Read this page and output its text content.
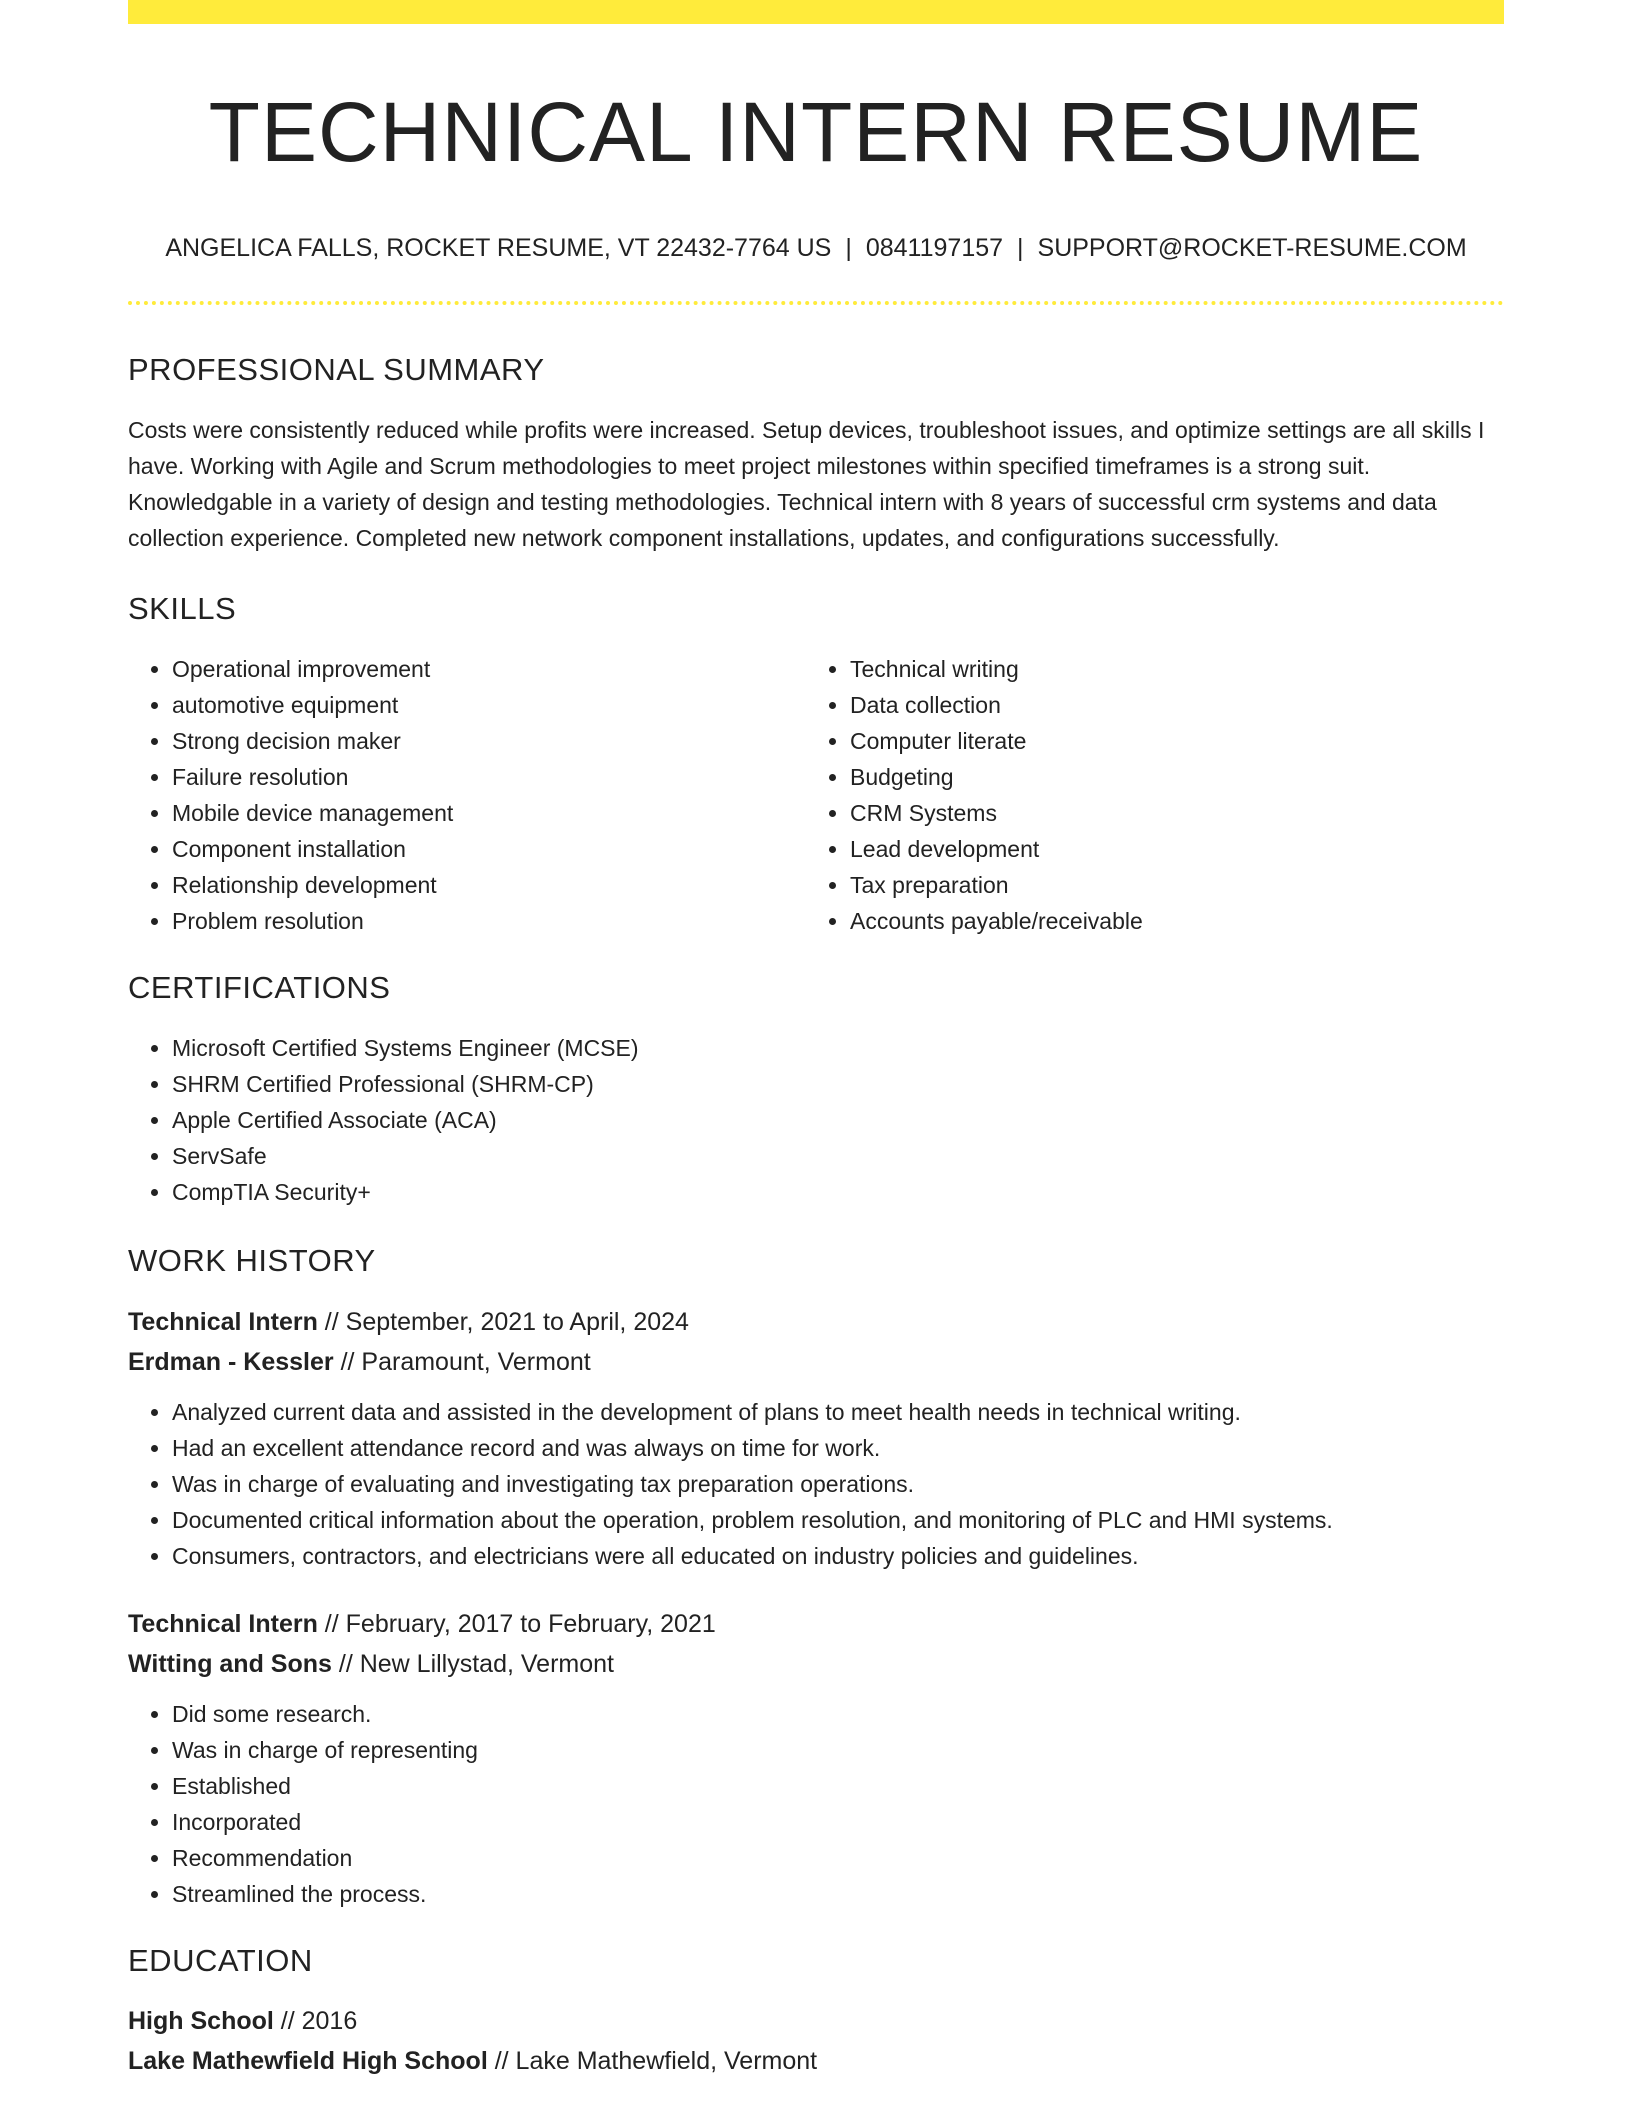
TECHNICAL INTERN RESUME
ANGELICA FALLS, ROCKET RESUME, VT 22432-7764 US | 0841197157 | SUPPORT@ROCKET-RESUME.COM
PROFESSIONAL SUMMARY
Costs were consistently reduced while profits were increased. Setup devices, troubleshoot issues, and optimize settings are all skills I have. Working with Agile and Scrum methodologies to meet project milestones within specified timeframes is a strong suit. Knowledgable in a variety of design and testing methodologies. Technical intern with 8 years of successful crm systems and data collection experience. Completed new network component installations, updates, and configurations successfully.
SKILLS
• Operational improvement
• automotive equipment
• Strong decision maker
• Failure resolution
• Mobile device management
• Component installation
• Relationship development
• Problem resolution
• Technical writing
• Data collection
• Computer literate
• Budgeting
• CRM Systems
• Lead development
• Tax preparation
• Accounts payable/receivable
CERTIFICATIONS
• Microsoft Certified Systems Engineer (MCSE)
• SHRM Certified Professional (SHRM-CP)
• Apple Certified Associate (ACA)
• ServSafe
• CompTIA Security+
WORK HISTORY
Technical Intern // September, 2021 to April, 2024
Erdman - Kessler // Paramount, Vermont
• Analyzed current data and assisted in the development of plans to meet health needs in technical writing.
• Had an excellent attendance record and was always on time for work.
• Was in charge of evaluating and investigating tax preparation operations.
• Documented critical information about the operation, problem resolution, and monitoring of PLC and HMI systems.
• Consumers, contractors, and electricians were all educated on industry policies and guidelines.
Technical Intern // February, 2017 to February, 2021
Witting and Sons // New Lillystad, Vermont
• Did some research.
• Was in charge of representing
• Established
• Incorporated
• Recommendation
• Streamlined the process.
EDUCATION
High School // 2016
Lake Mathewfield High School // Lake Mathewfield, Vermont
